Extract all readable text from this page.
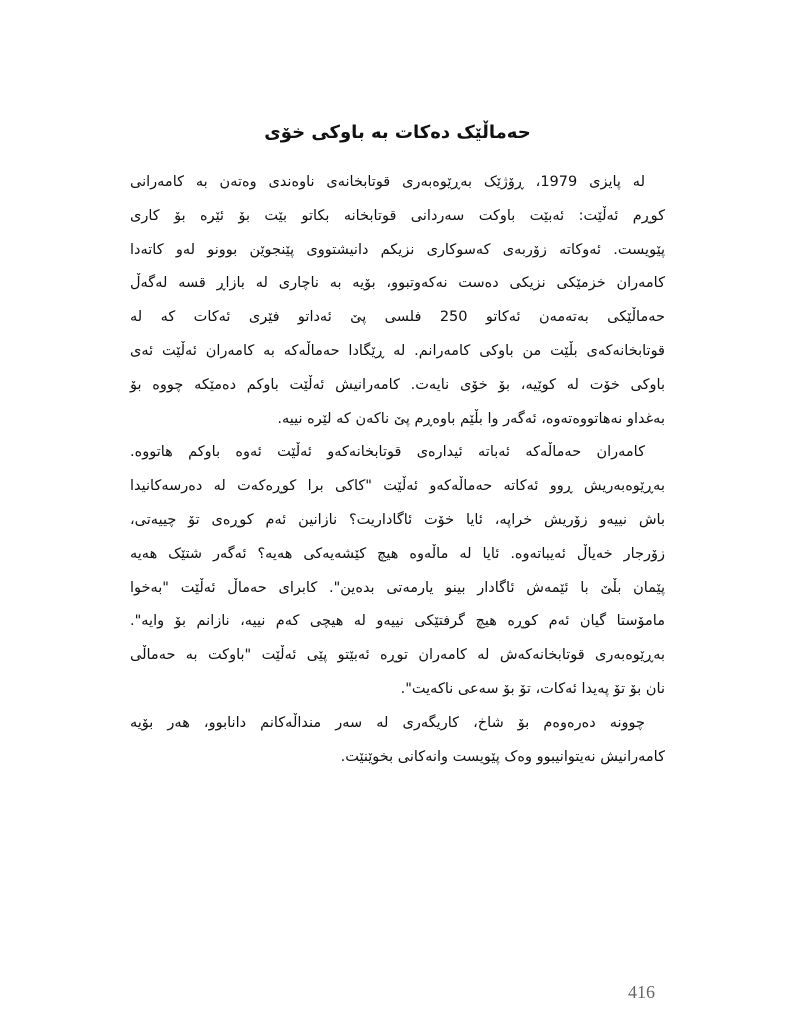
حەماڵێک دەکات بە باوکی خۆی
لە پایزی 1979، ڕۆژێک بەڕێوەبەری قوتابخانەی ناوەندی وەتەن بە کامەرانی
کوڕم ئەڵێت: ئەبێت باوکت سەردانی قوتابخانە بکاتو بێت بۆ ئێرە بۆ کاری
پێویست. ئەوکاتە زۆربەی کەسوکاری نزیکم دانیشتووی پێنجوێن بوونو لەو کاتەدا
کامەران خزمێکی نزیکی دەست نەکەوتبوو، بۆیە بە ناچاری لە بازاڕ قسە لەگەڵ
حەماڵێکی بەتەمەن ئەکاتو 250 فلسی پێ ئەداتو فێری ئەکات کە لە
قوتابخانەکەی بڵێت من باوکی کامەرانم. لە ڕێگادا حەماڵەکە بە کامەران ئەڵێت ئەی
باوکی خۆت لە کوێیە، بۆ خۆی نایەت. کامەرانیش ئەڵێت باوکم دەمێکە چووە بۆ
بەغداو نەهاتووەتەوە، ئەگەر وا بڵێم باوەڕم پێ ناکەن کە لێرە نییە.
کامەران حەماڵەکە ئەباتە ئیدارەی قوتابخانەکەو ئەڵێت ئەوە باوکم هاتووە.
بەڕێوەبەریش ڕوو ئەکاتە حەماڵەکەو ئەڵێت "کاکی برا کوڕەکەت لە دەرسەکانیدا
باش نییەو زۆریش خراپە، ئایا خۆت ئاگاداریت؟ نازانین ئەم کوڕەی تۆ چییەتی،
زۆرجار خەیاڵ ئەیباتەوە. ئایا لە ماڵەوە هیچ کێشەیەکی هەیە؟ ئەگەر شتێک هەیە
پێمان بڵێ با ئێمەش ئاگادار بینو یارمەتی بدەین". کابرای حەماڵ ئەڵێت "بەخوا
مامۆستا گیان ئەم کوڕە هیچ گرفتێکی نییەو لە هیچی کەم نییە، نازانم بۆ وایە".
بەڕێوەبەری قوتابخانەکەش لە کامەران توڕە ئەبێتو پێی ئەڵێت "باوکت بە حەماڵی
نان بۆ تۆ پەیدا ئەکات، تۆ بۆ سەعی ناکەیت".
چوونە دەرەوەم بۆ شاخ، کاریگەری لە سەر منداڵەکانم دانابوو، هەر بۆیە
کامەرانیش نەیتوانیبوو وەک پێویست وانەکانی بخوێنێت.
416
